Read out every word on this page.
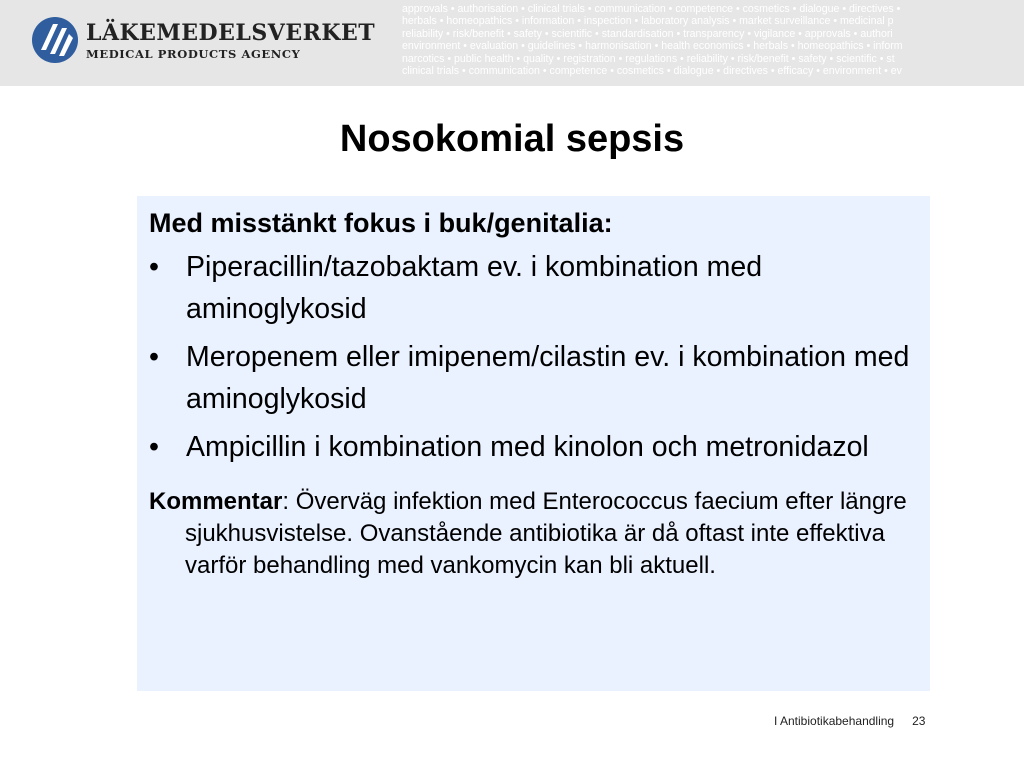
LÄKEMEDELSVERKET
MEDICAL PRODUCTS AGENCY
approvals • authorisation • clinical trials • communication • competence • cosmetics • dialogue • directives •
herbals • homeopathics • information • inspection • laboratory analysis • market surveillance • medicinal p
reliability • risk/benefit • safety • scientific • standardisation • transparency • vigilance • approvals • authori
environment • evaluation • guidelines • harmonisation • health economics • herbals • homeopathics • inform
narcotics • public health • quality • registration • regulations • reliability • risk/benefit • safety • scientific • st
clinical trials • communication • competence • cosmetics • dialogue • directives • efficacy • environment • ev
Nosokomial sepsis
Med misstänkt fokus i buk/genitalia:
• Piperacillin/tazobaktam ev. i kombination med aminoglykosid
• Meropenem eller imipenem/cilastin ev. i kombination med aminoglykosid
• Ampicillin i kombination med kinolon och metronidazol
Kommentar: Överväg infektion med Enterococcus faecium efter längre sjukhusvistelse. Ovanstående antibiotika är då oftast inte effektiva varför behandling med vankomycin kan bli aktuell.
I Antibiotikabehandling 23
